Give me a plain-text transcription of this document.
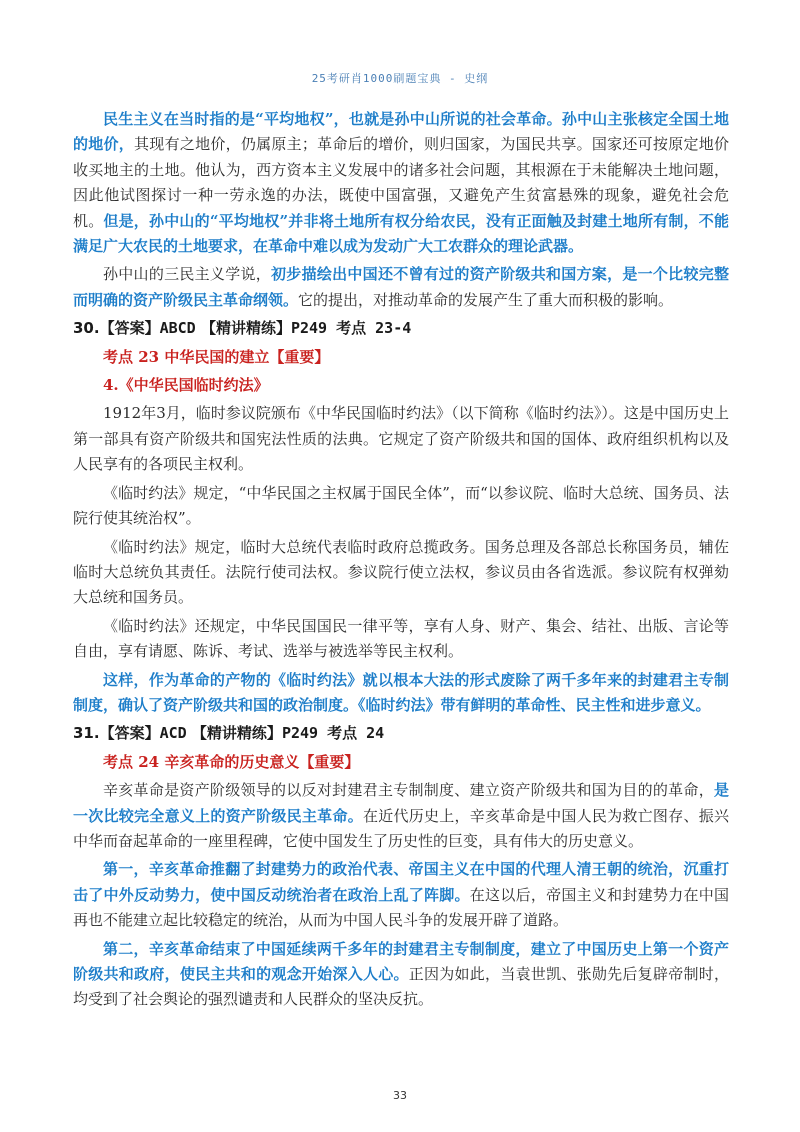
25考研肖1000刷题宝典 - 史纲

民生主义在当时指的是“平均地权”，也就是孙中山所说的社会革命。孙中山主张核定全国土地的地价，其现有之地价，仍属原主；革命后的增价，则归国家，为国民共享。国家还可按原定地价收买地主的土地。他认为，西方资本主义发展中的诸多社会问题，其根源在于未能解决土地问题，因此他试图探讨一种一劳永逸的办法，既使中国富强，又避免产生贫富悬殊的现象，避免社会危机。但是，孙中山的“平均地权”并非将土地所有权分给农民，没有正面触及封建土地所有制，不能满足广大农民的土地要求，在革命中难以成为发动广大工农群众的理论武器。

孙中山的三民主义学说，初步描绘出中国还不曾有过的资产阶级共和国方案，是一个比较完整而明确的资产阶级民主革命纲领。它的提出，对推动革命的发展产生了重大而积极的影响。

30.【答案】ABCD 【精讲精练】P249 考点 23-4
考点 23 中华民国的建立【重要】
4.《中华民国临时约法》

1912年3月，临时参议院颁布《中华民国临时约法》（以下简称《临时约法》）。这是中国历史上第一部具有资产阶级共和国宪法性质的法典。它规定了资产阶级共和国的国体、政府组织机构以及人民享有的各项民主权利。

《临时约法》规定，“中华民国之主权属于国民全体”，而“以参议院、临时大总统、国务员、法院行使其统治权”。

《临时约法》规定，临时大总统代表临时政府总揽政务。国务总理及各部总长称国务员，辅佐临时大总统负其责任。法院行使司法权。参议院行使立法权，参议员由各省选派。参议院有权弹劾大总统和国务员。

《临时约法》还规定，中华民国国民一律平等，享有人身、财产、集会、结社、出版、言论等自由，享有请愿、陈诉、考试、选举与被选举等民主权利。

这样，作为革命的产物的《临时约法》就以根本大法的形式废除了两千多年来的封建君主专制制度，确认了资产阶级共和国的政治制度。《临时约法》带有鲜明的革命性、民主性和进步意义。

31.【答案】ACD 【精讲精练】P249 考点 24
考点 24 辛亥革命的历史意义【重要】

辛亥革命是资产阶级领导的以反对封建君主专制制度、建立资产阶级共和国为目的的革命，是一次比较完全意义上的资产阶级民主革命。在近代历史上，辛亥革命是中国人民为救亡图存、振兴中华而奋起革命的一座里程碑，它使中国发生了历史性的巨变，具有伟大的历史意义。

第一，辛亥革命推翻了封建势力的政治代表、帝国主义在中国的代理人清王朝的统治，沉重打击了中外反动势力，使中国反动统治者在政治上乱了阵脚。在这以后，帝国主义和封建势力在中国再也不能建立起比较稳定的统治，从而为中国人民斗争的发展开辟了道路。

第二，辛亥革命结束了中国延续两千多年的封建君主专制制度，建立了中国历史上第一个资产阶级共和政府，使民主共和的观念开始深入人心。正因为如此，当袁世凯、张勋先后复辟帝制时，均受到了社会舆论的强烈谴责和人民群众的坚决反抗。

33
